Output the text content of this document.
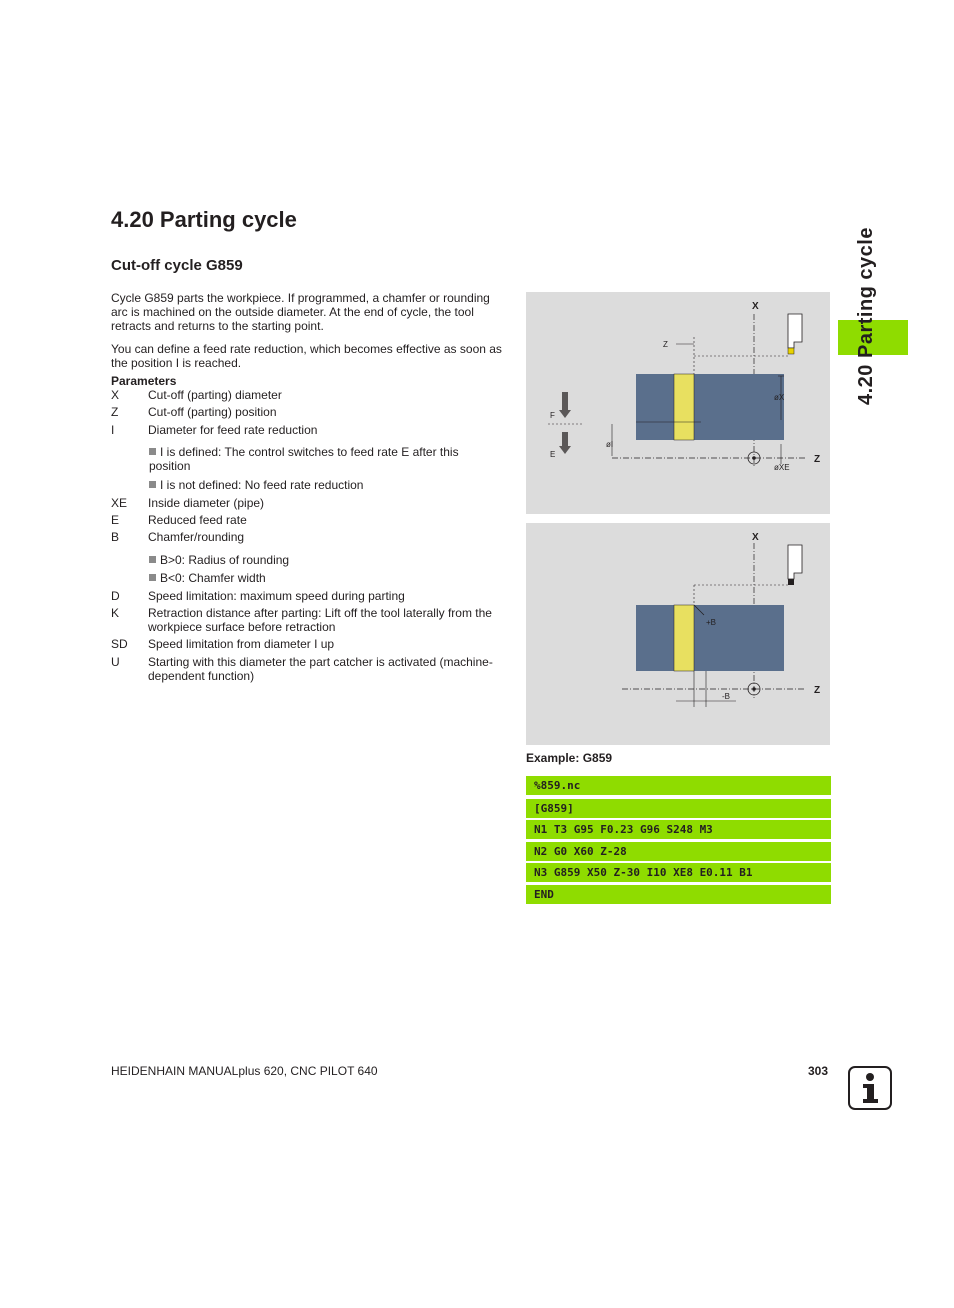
4.20 Parting cycle
Cut-off cycle G859
Cycle G859 parts the workpiece. If programmed, a chamfer or rounding arc is machined on the outside diameter. At the end of cycle, the tool retracts and returns to the starting point.
You can define a feed rate reduction, which becomes effective as soon as the position I is reached.
Parameters
X Cut-off (parting) diameter
Z Cut-off (parting) position
I	Diameter for feed rate reduction
I is defined: The control switches to feed rate E after this position
I is not defined: No feed rate reduction
XE Inside diameter (pipe)
E Reduced feed rate
B Chamfer/rounding
B>0: Radius of rounding
B<0: Chamfer width
D Speed limitation: maximum speed during parting
K Retraction distance after parting: Lift off the tool laterally from the workpiece surface before retraction
SD Speed limitation from diameter I up
U Starting with this diameter the part catcher is activated (machine-dependent function)
X
Z
Z
øX
øXE
øI
F
E
X
+B
Z
-B
Example: G859
%859.nc
[G859]
N1 T3 G95 F0.23 G96 S248 M3
N2 G0 X60 Z-28
N3 G859 X50 Z-30 I10 XE8 E0.11 B1
END
4.20 Parting cycle
HEIDENHAIN MANUALplus 620, CNC PILOT 640	303	i
